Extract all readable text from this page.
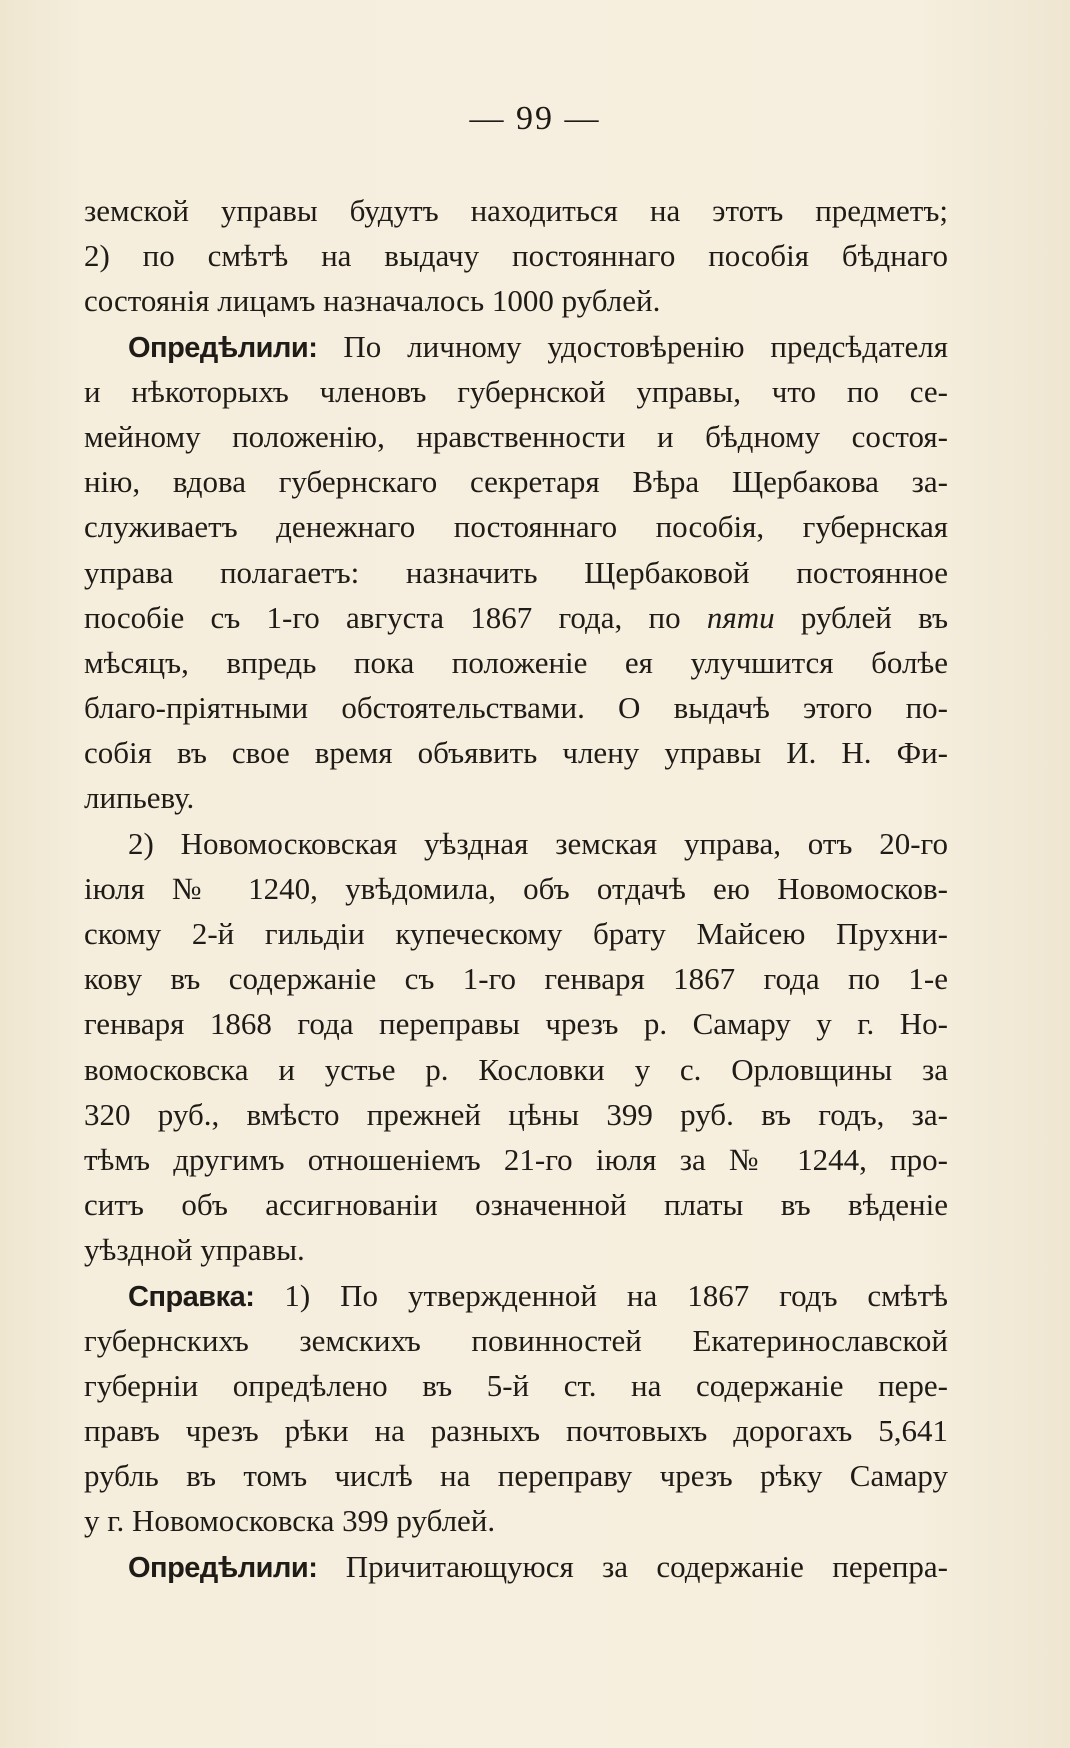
— 99 —
земской управы будутъ находиться на этотъ предметъ;
2) по смѣтѣ на выдачу постояннаго пособія бѣднаго
состоянія лицамъ назначалось 1000 рублей.
Опредѣлили: По личному удостовѣренію предсѣдателя
и нѣкоторыхъ членовъ губернской управы, что по се-
мейному положенію, нравственности и бѣдному состоя-
нію, вдова губернскаго секретаря Вѣра Щербакова за-
служиваетъ денежнаго постояннаго пособія, губернская
управа полагаетъ: назначить Щербаковой постоянное
пособіе съ 1-го августа 1867 года, по пяти рублей въ
мѣсяцъ, впредь пока положеніе ея улучшится болѣе
благо-пріятными обстоятельствами. О выдачѣ этого по-
собія въ свое время объявить члену управы И. Н. Фи-
липьеву.
2) Новомосковская уѣздная земская управа, отъ 20-го
іюля № 1240, увѣдомила, объ отдачѣ ею Новомосков-
скому 2-й гильдіи купеческому брату Майсею Прухни-
кову въ содержаніе съ 1-го генваря 1867 года по 1-е
генваря 1868 года переправы чрезъ р. Самару у г. Но-
вомосковска и устье р. Кословки у с. Орловщины за
320 руб., вмѣсто прежней цѣны 399 руб. въ годъ, за-
тѣмъ другимъ отношеніемъ 21-го іюля за № 1244, про-
ситъ объ ассигнованіи означенной платы въ вѣденіе
уѣздной управы.
Справка: 1) По утвержденной на 1867 годъ смѣтѣ
губернскихъ земскихъ повинностей Екатеринославской
губерніи опредѣлено въ 5-й ст. на содержаніе пере-
правъ чрезъ рѣки на разныхъ почтовыхъ дорогахъ 5,641
рубль въ томъ числѣ на переправу чрезъ рѣку Самару
у г. Новомосковска 399 рублей.
Опредѣлили: Причитающуюся за содержаніе перепра-
